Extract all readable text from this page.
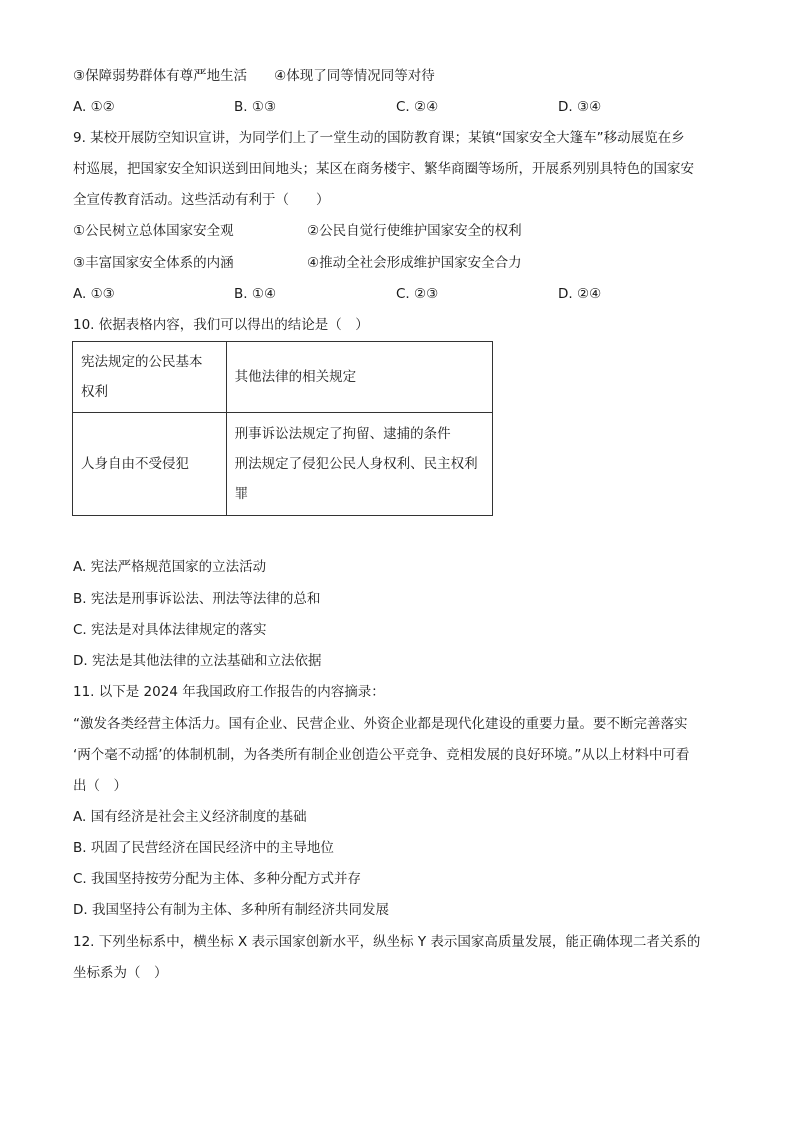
③保障弱势群体有尊严地生活　　④体现了同等情况同等对待
A. ①②	B. ①③	C. ②④	D. ③④
9. 某校开展防空知识宣讲，为同学们上了一堂生动的国防教育课；某镇“国家安全大篷车”移动展览在乡
村巡展，把国家安全知识送到田间地头；某区在商务楼宇、繁华商圈等场所，开展系列别具特色的国家安
全宣传教育活动。这些活动有利于（　　）
①公民树立总体国家安全观	②公民自觉行使维护国家安全的权利
③丰富国家安全体系的内涵	④推动全社会形成维护国家安全合力
A. ①③	B. ①④	C. ②③	D. ②④
10. 依据表格内容，我们可以得出的结论是（　）
宪法规定的公民基本
权利	其他法律的相关规定
人身自由不受侵犯	刑事诉讼法规定了拘留、逮捕的条件
刑法规定了侵犯公民人身权利、民主权利
罪
A. 宪法严格规范国家的立法活动
B. 宪法是刑事诉讼法、刑法等法律的总和
C. 宪法是对具体法律规定的落实
D. 宪法是其他法律的立法基础和立法依据
11. 以下是 2024 年我国政府工作报告的内容摘录：
“激发各类经营主体活力。国有企业、民营企业、外资企业都是现代化建设的重要力量。要不断完善落实
‘两个毫不动摇’的体制机制，为各类所有制企业创造公平竞争、竞相发展的良好环境。”从以上材料中可看
出（　）
A. 国有经济是社会主义经济制度的基础
B. 巩固了民营经济在国民经济中的主导地位
C. 我国坚持按劳分配为主体、多种分配方式并存
D. 我国坚持公有制为主体、多种所有制经济共同发展
12. 下列坐标系中，横坐标 X 表示国家创新水平，纵坐标 Y 表示国家高质量发展，能正确体现二者关系的
坐标系为（　）
